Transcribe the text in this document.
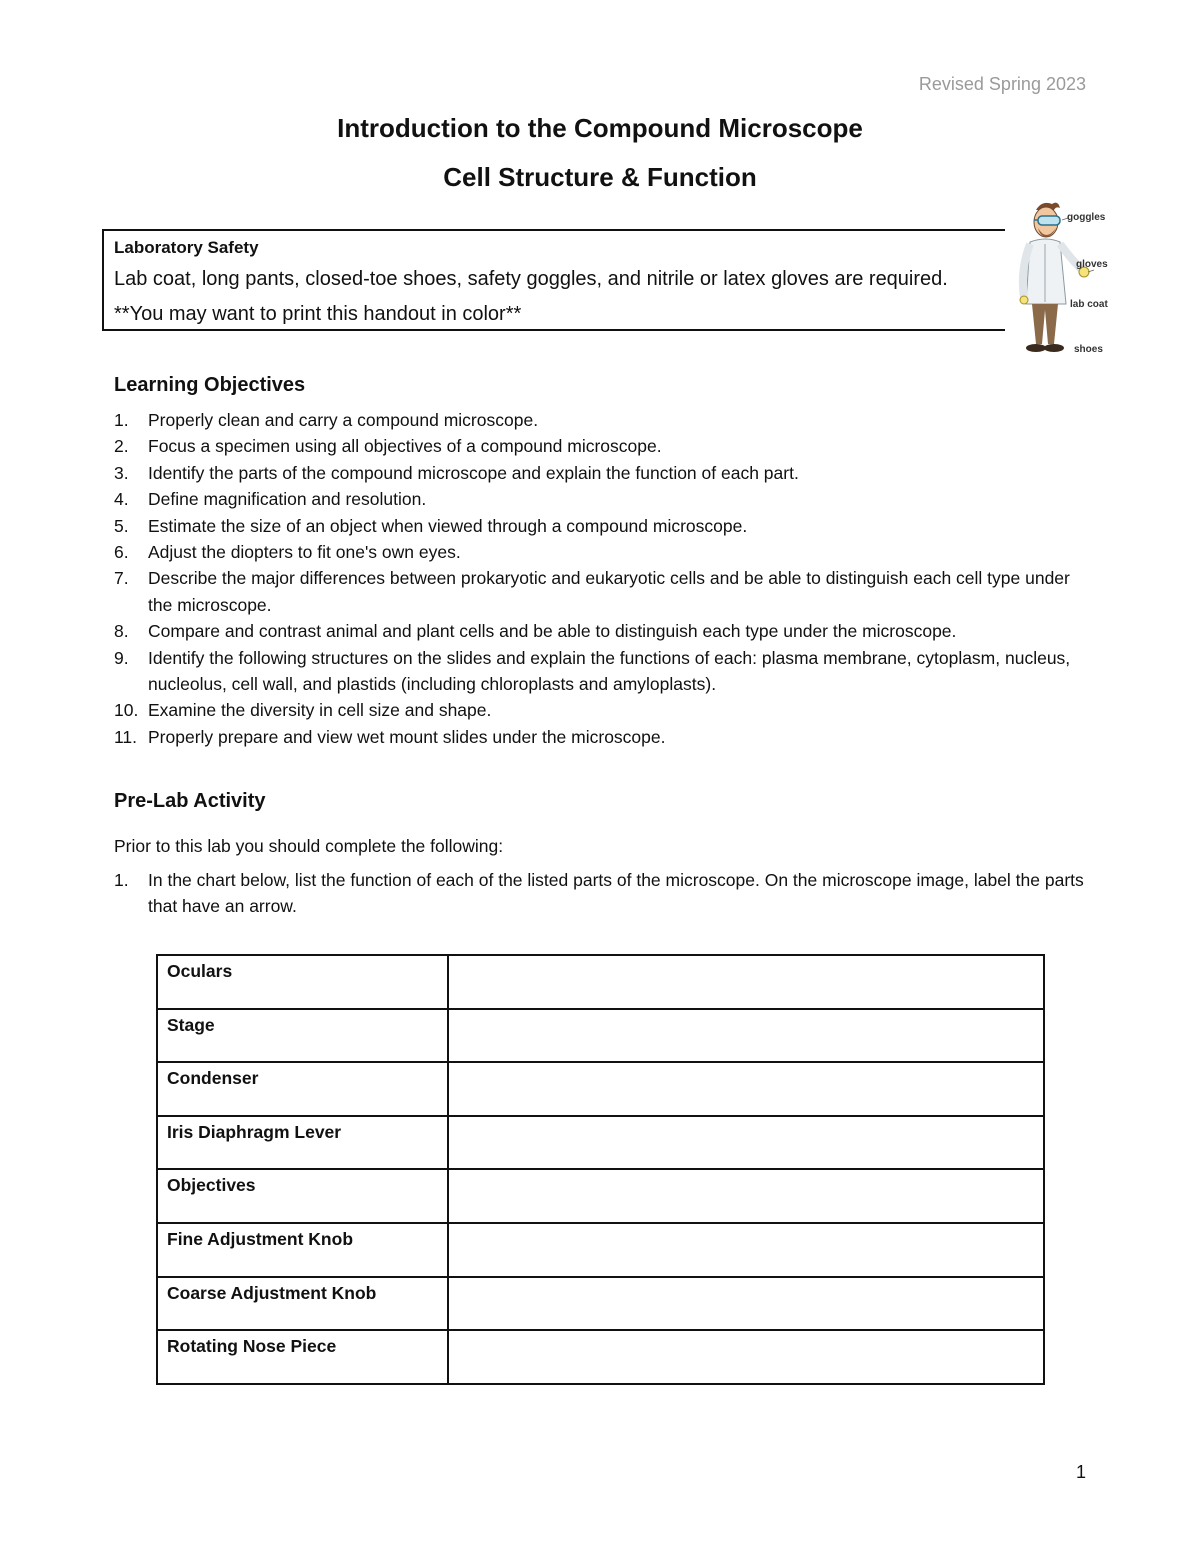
Revised Spring 2023
Introduction to the Compound Microscope
Cell Structure & Function
Laboratory Safety
Lab coat, long pants, closed-toe shoes, safety goggles, and nitrile or latex gloves are required.
**You may want to print this handout in color**
goggles
gloves
lab coat
shoes
Learning Objectives
1. Properly clean and carry a compound microscope.
2. Focus a specimen using all objectives of a compound microscope.
3. Identify the parts of the compound microscope and explain the function of each part.
4. Define magnification and resolution.
5. Estimate the size of an object when viewed through a compound microscope.
6. Adjust the diopters to fit one's own eyes.
7. Describe the major differences between prokaryotic and eukaryotic cells and be able to distinguish each cell type under the microscope.
8. Compare and contrast animal and plant cells and be able to distinguish each type under the microscope.
9. Identify the following structures on the slides and explain the functions of each: plasma membrane, cytoplasm, nucleus, nucleolus, cell wall, and plastids (including chloroplasts and amyloplasts).
10. Examine the diversity in cell size and shape.
11. Properly prepare and view wet mount slides under the microscope.
Pre-Lab Activity
Prior to this lab you should complete the following:
1. In the chart below, list the function of each of the listed parts of the microscope. On the microscope image, label the parts that have an arrow.
Oculars	
Stage	
Condenser	
Iris Diaphragm Lever	
Objectives	
Fine Adjustment Knob	
Coarse Adjustment Knob	
Rotating Nose Piece	
1
